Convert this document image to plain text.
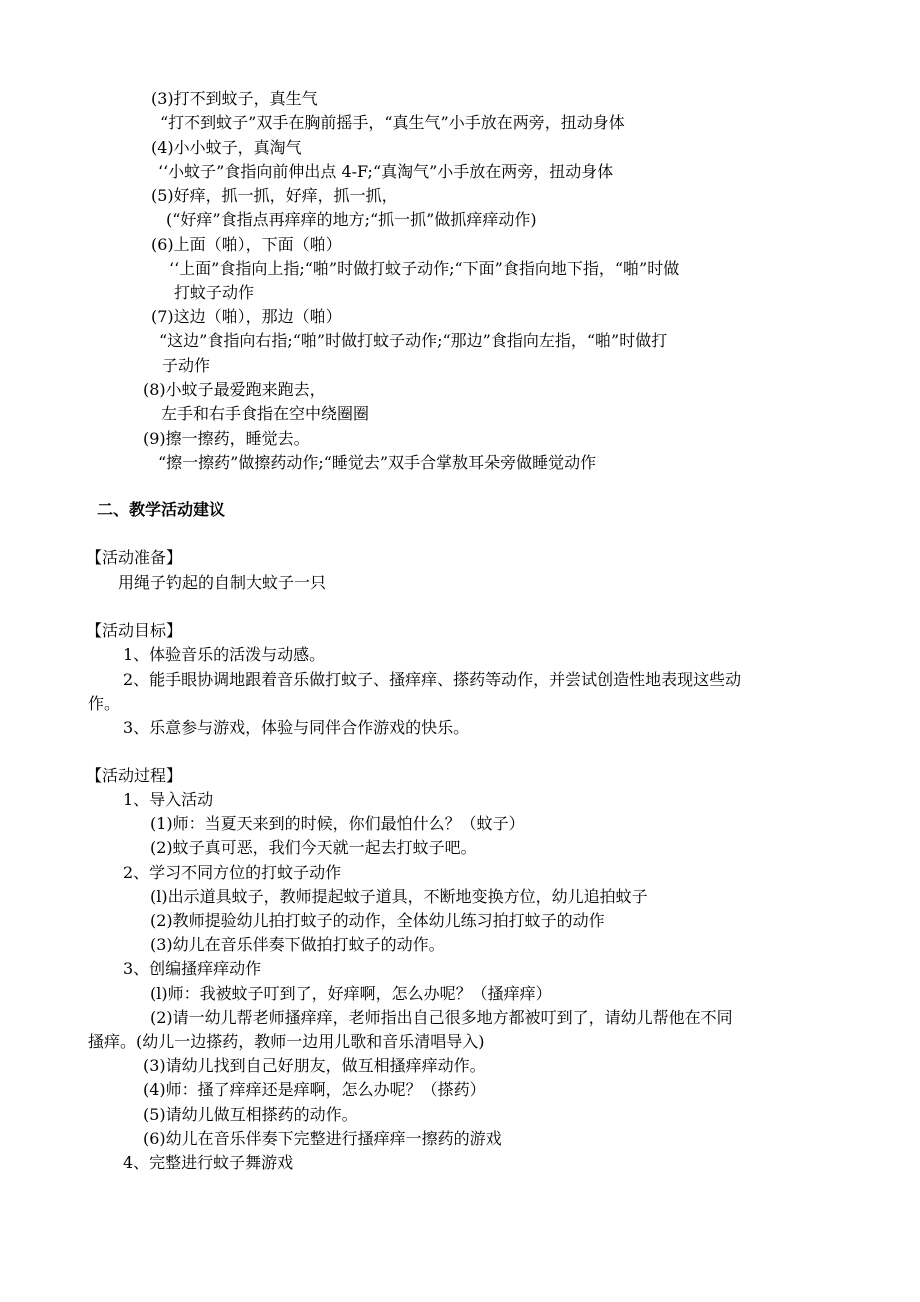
(3)打不到蚊子，真生气
“打不到蚊子”双手在胸前摇手，“真生气”小手放在两旁，扭动身体
(4)小小蚊子，真淘气
‘‘小蚊子”食指向前伸出点 4-F;“真淘气”小手放在两旁，扭动身体
(5)好痒，抓一抓，好痒，抓一抓，
(“好痒”食指点再痒痒的地方;“抓一抓”做抓痒痒动作)
(6)上面（啪），下面（啪）
‘‘上面”食指向上指;“啪”时做打蚊子动作;“下面”食指向地下指，“啪”时做
打蚊子动作
(7)这边（啪），那边（啪）
“这边”食指向右指;“啪”时做打蚊子动作;“那边”食指向左指，“啪”时做打
子动作
(8)小蚊子最爱跑来跑去，
左手和右手食指在空中绕圈圈
(9)擦一擦药，睡觉去。
“擦一擦药”做擦药动作;“睡觉去”双手合掌敖耳朵旁做睡觉动作
二、教学活动建议
【活动准备】
用绳子钓起的自制大蚊子一只
【活动目标】
1、体验音乐的活泼与动感。
2、能手眼协调地跟着音乐做打蚊子、搔痒痒、搽药等动作，并尝试创造性地表现这些动
作。
3、乐意参与游戏，体验与同伴合作游戏的快乐。
【活动过程】
1、导入活动
(1)师：当夏天来到的时候，你们最怕什么？（蚊子）
(2)蚊子真可恶，我们今天就一起去打蚊子吧。
2、学习不同方位的打蚊子动作
(l)出示道具蚊子，教师提起蚊子道具，不断地变换方位，幼儿追拍蚊子
(2)教师提验幼儿拍打蚊子的动作，全体幼儿练习拍打蚊子的动作
(3)幼儿在音乐伴奏下做拍打蚊子的动作。
3、创编搔痒痒动作
(l)师：我被蚊子叮到了，好痒啊，怎么办呢？（搔痒痒）
(2)请一幼儿帮老师搔痒痒，老师指出自己很多地方都被叮到了，请幼儿帮他在不同
搔痒。(幼儿一边搽药，教师一边用儿歌和音乐清唱导入)
(3)请幼儿找到自己好朋友，做互相搔痒痒动作。
(4)师：搔了痒痒还是痒啊，怎么办呢？（搽药）
(5)请幼儿做互相搽药的动作。
(6)幼儿在音乐伴奏下完整进行搔痒痒一擦药的游戏
4、完整进行蚊子舞游戏
